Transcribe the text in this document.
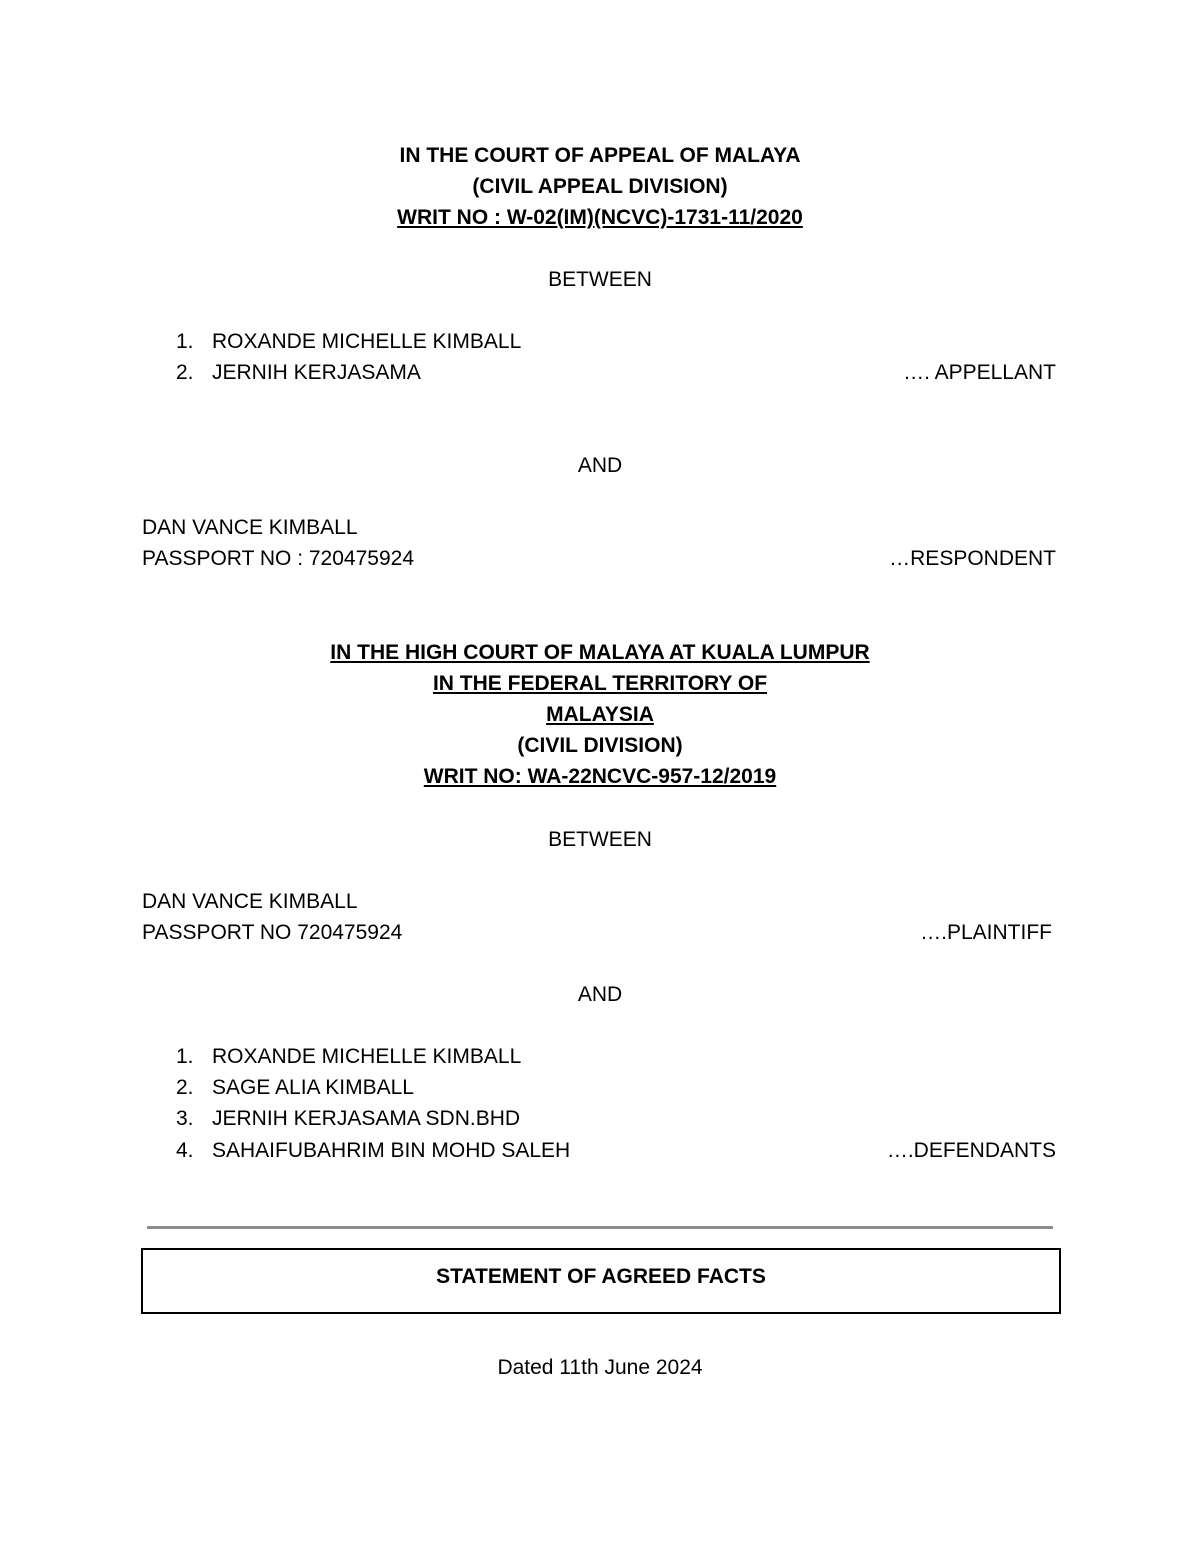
IN THE COURT OF APPEAL OF MALAYA
(CIVIL APPEAL DIVISION)
WRIT NO : W-02(IM)(NCVC)-1731-11/2020
BETWEEN
1. ROXANDE MICHELLE KIMBALL
2. JERNIH KERJASAMA	…. APPELLANT
AND
DAN VANCE KIMBALL
PASSPORT NO : 720475924	…RESPONDENT
IN THE HIGH COURT OF MALAYA AT KUALA LUMPUR
IN THE FEDERAL TERRITORY OF
MALAYSIA
(CIVIL DIVISION)
WRIT NO: WA-22NCVC-957-12/2019
BETWEEN
DAN VANCE KIMBALL
PASSPORT NO 720475924	….PLAINTIFF
AND
1. ROXANDE MICHELLE KIMBALL
2. SAGE ALIA KIMBALL
3. JERNIH KERJASAMA SDN.BHD
4. SAHAIFUBAHRIM BIN MOHD SALEH	….DEFENDANTS
STATEMENT OF AGREED FACTS
Dated 11th June 2024
